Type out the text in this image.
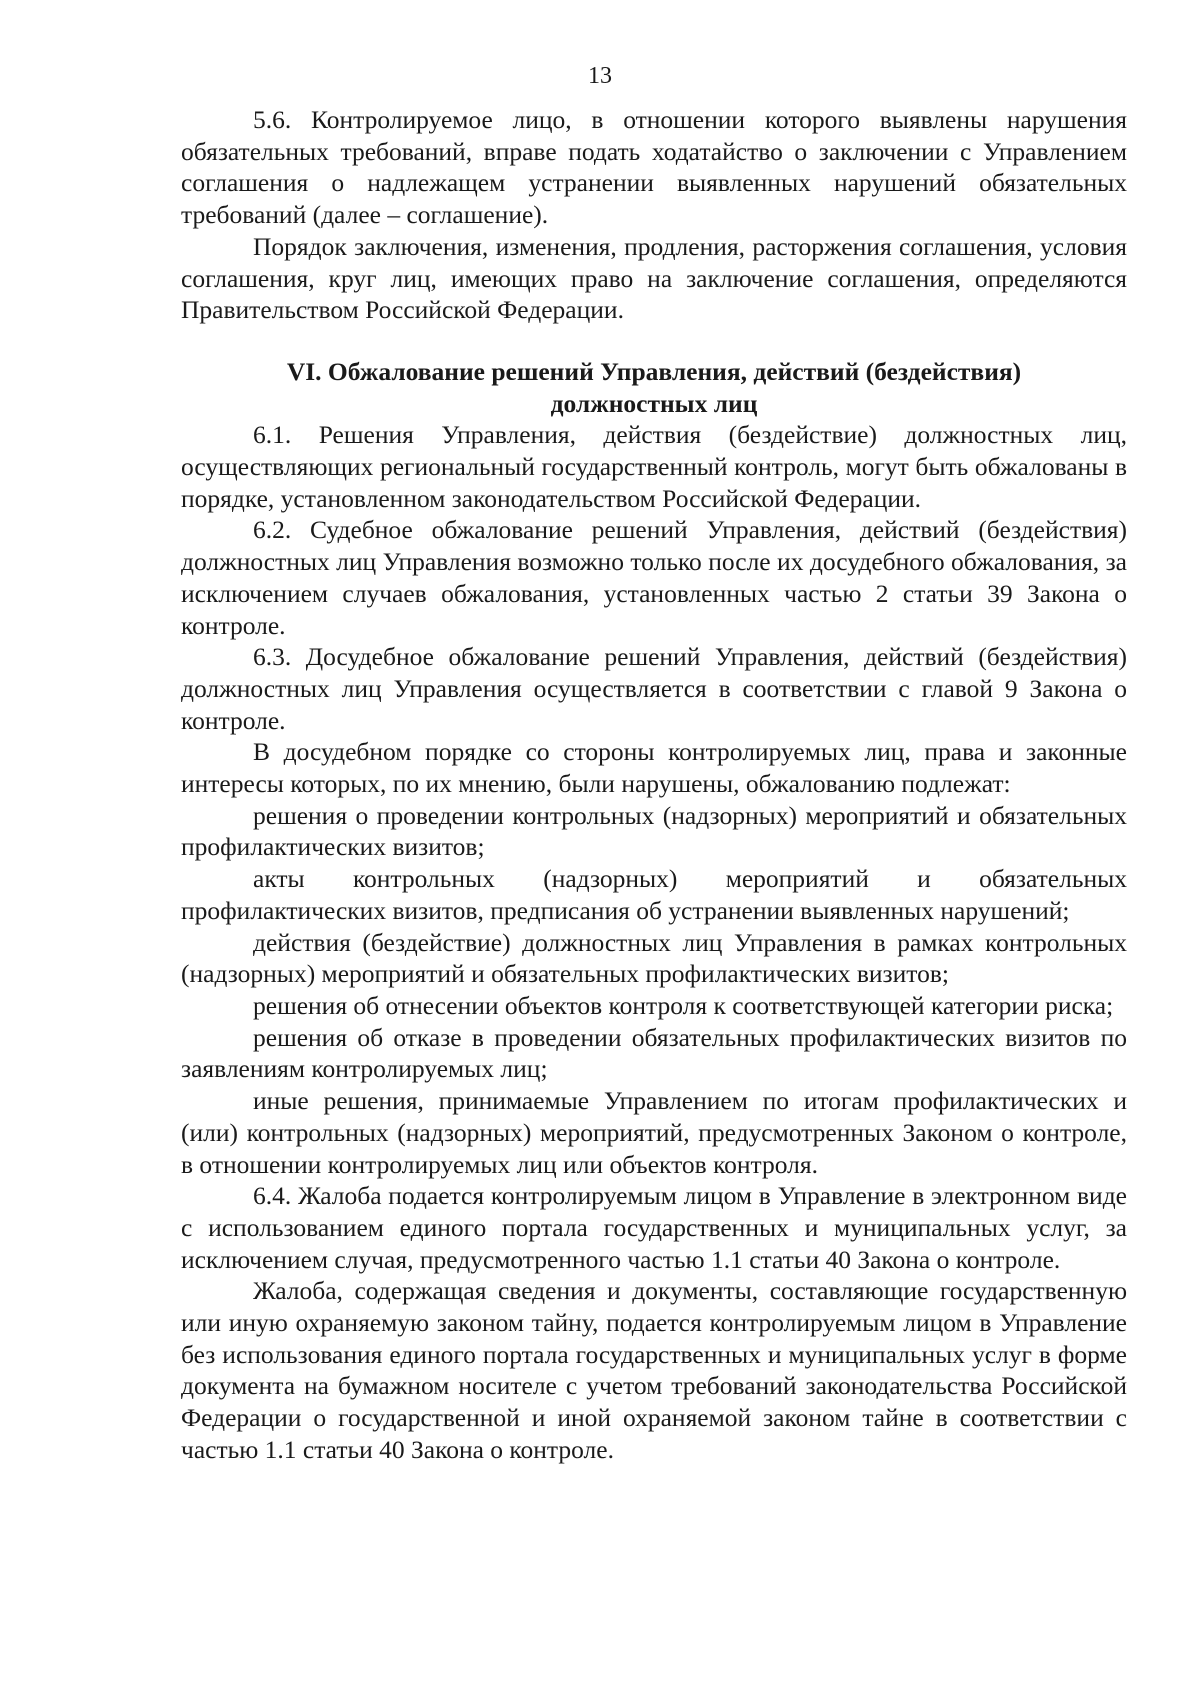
13

5.6. Контролируемое лицо, в отношении которого выявлены нарушения обязательных требований, вправе подать ходатайство о заключении с Управлением соглашения о надлежащем устранении выявленных нарушений обязательных требований (далее – соглашение).

Порядок заключения, изменения, продления, расторжения соглашения, условия соглашения, круг лиц, имеющих право на заключение соглашения, определяются Правительством Российской Федерации.

VI. Обжалование решений Управления, действий (бездействия)
должностных лиц

6.1. Решения Управления, действия (бездействие) должностных лиц, осуществляющих региональный государственный контроль, могут быть обжалованы в порядке, установленном законодательством Российской Федерации.

6.2. Судебное обжалование решений Управления, действий (бездействия) должностных лиц Управления возможно только после их досудебного обжалования, за исключением случаев обжалования, установленных частью 2 статьи 39 Закона о контроле.

6.3. Досудебное обжалование решений Управления, действий (бездействия) должностных лиц Управления осуществляется в соответствии с главой 9 Закона о контроле.

В досудебном порядке со стороны контролируемых лиц, права и законные интересы которых, по их мнению, были нарушены, обжалованию подлежат:

решения о проведении контрольных (надзорных) мероприятий и обязательных профилактических визитов;

акты контрольных (надзорных) мероприятий и обязательных профилактических визитов, предписания об устранении выявленных нарушений;

действия (бездействие) должностных лиц Управления в рамках контрольных (надзорных) мероприятий и обязательных профилактических визитов;

решения об отнесении объектов контроля к соответствующей категории риска;

решения об отказе в проведении обязательных профилактических визитов по заявлениям контролируемых лиц;

иные решения, принимаемые Управлением по итогам профилактических и (или) контрольных (надзорных) мероприятий, предусмотренных Законом о контроле, в отношении контролируемых лиц или объектов контроля.

6.4. Жалоба подается контролируемым лицом в Управление в электронном виде с использованием единого портала государственных и муниципальных услуг, за исключением случая, предусмотренного частью 1.1 статьи 40 Закона о контроле.

Жалоба, содержащая сведения и документы, составляющие государственную или иную охраняемую законом тайну, подается контролируемым лицом в Управление без использования единого портала государственных и муниципальных услуг в форме документа на бумажном носителе с учетом требований законодательства Российской Федерации о государственной и иной охраняемой законом тайне в соответствии с частью 1.1 статьи 40 Закона о контроле.
